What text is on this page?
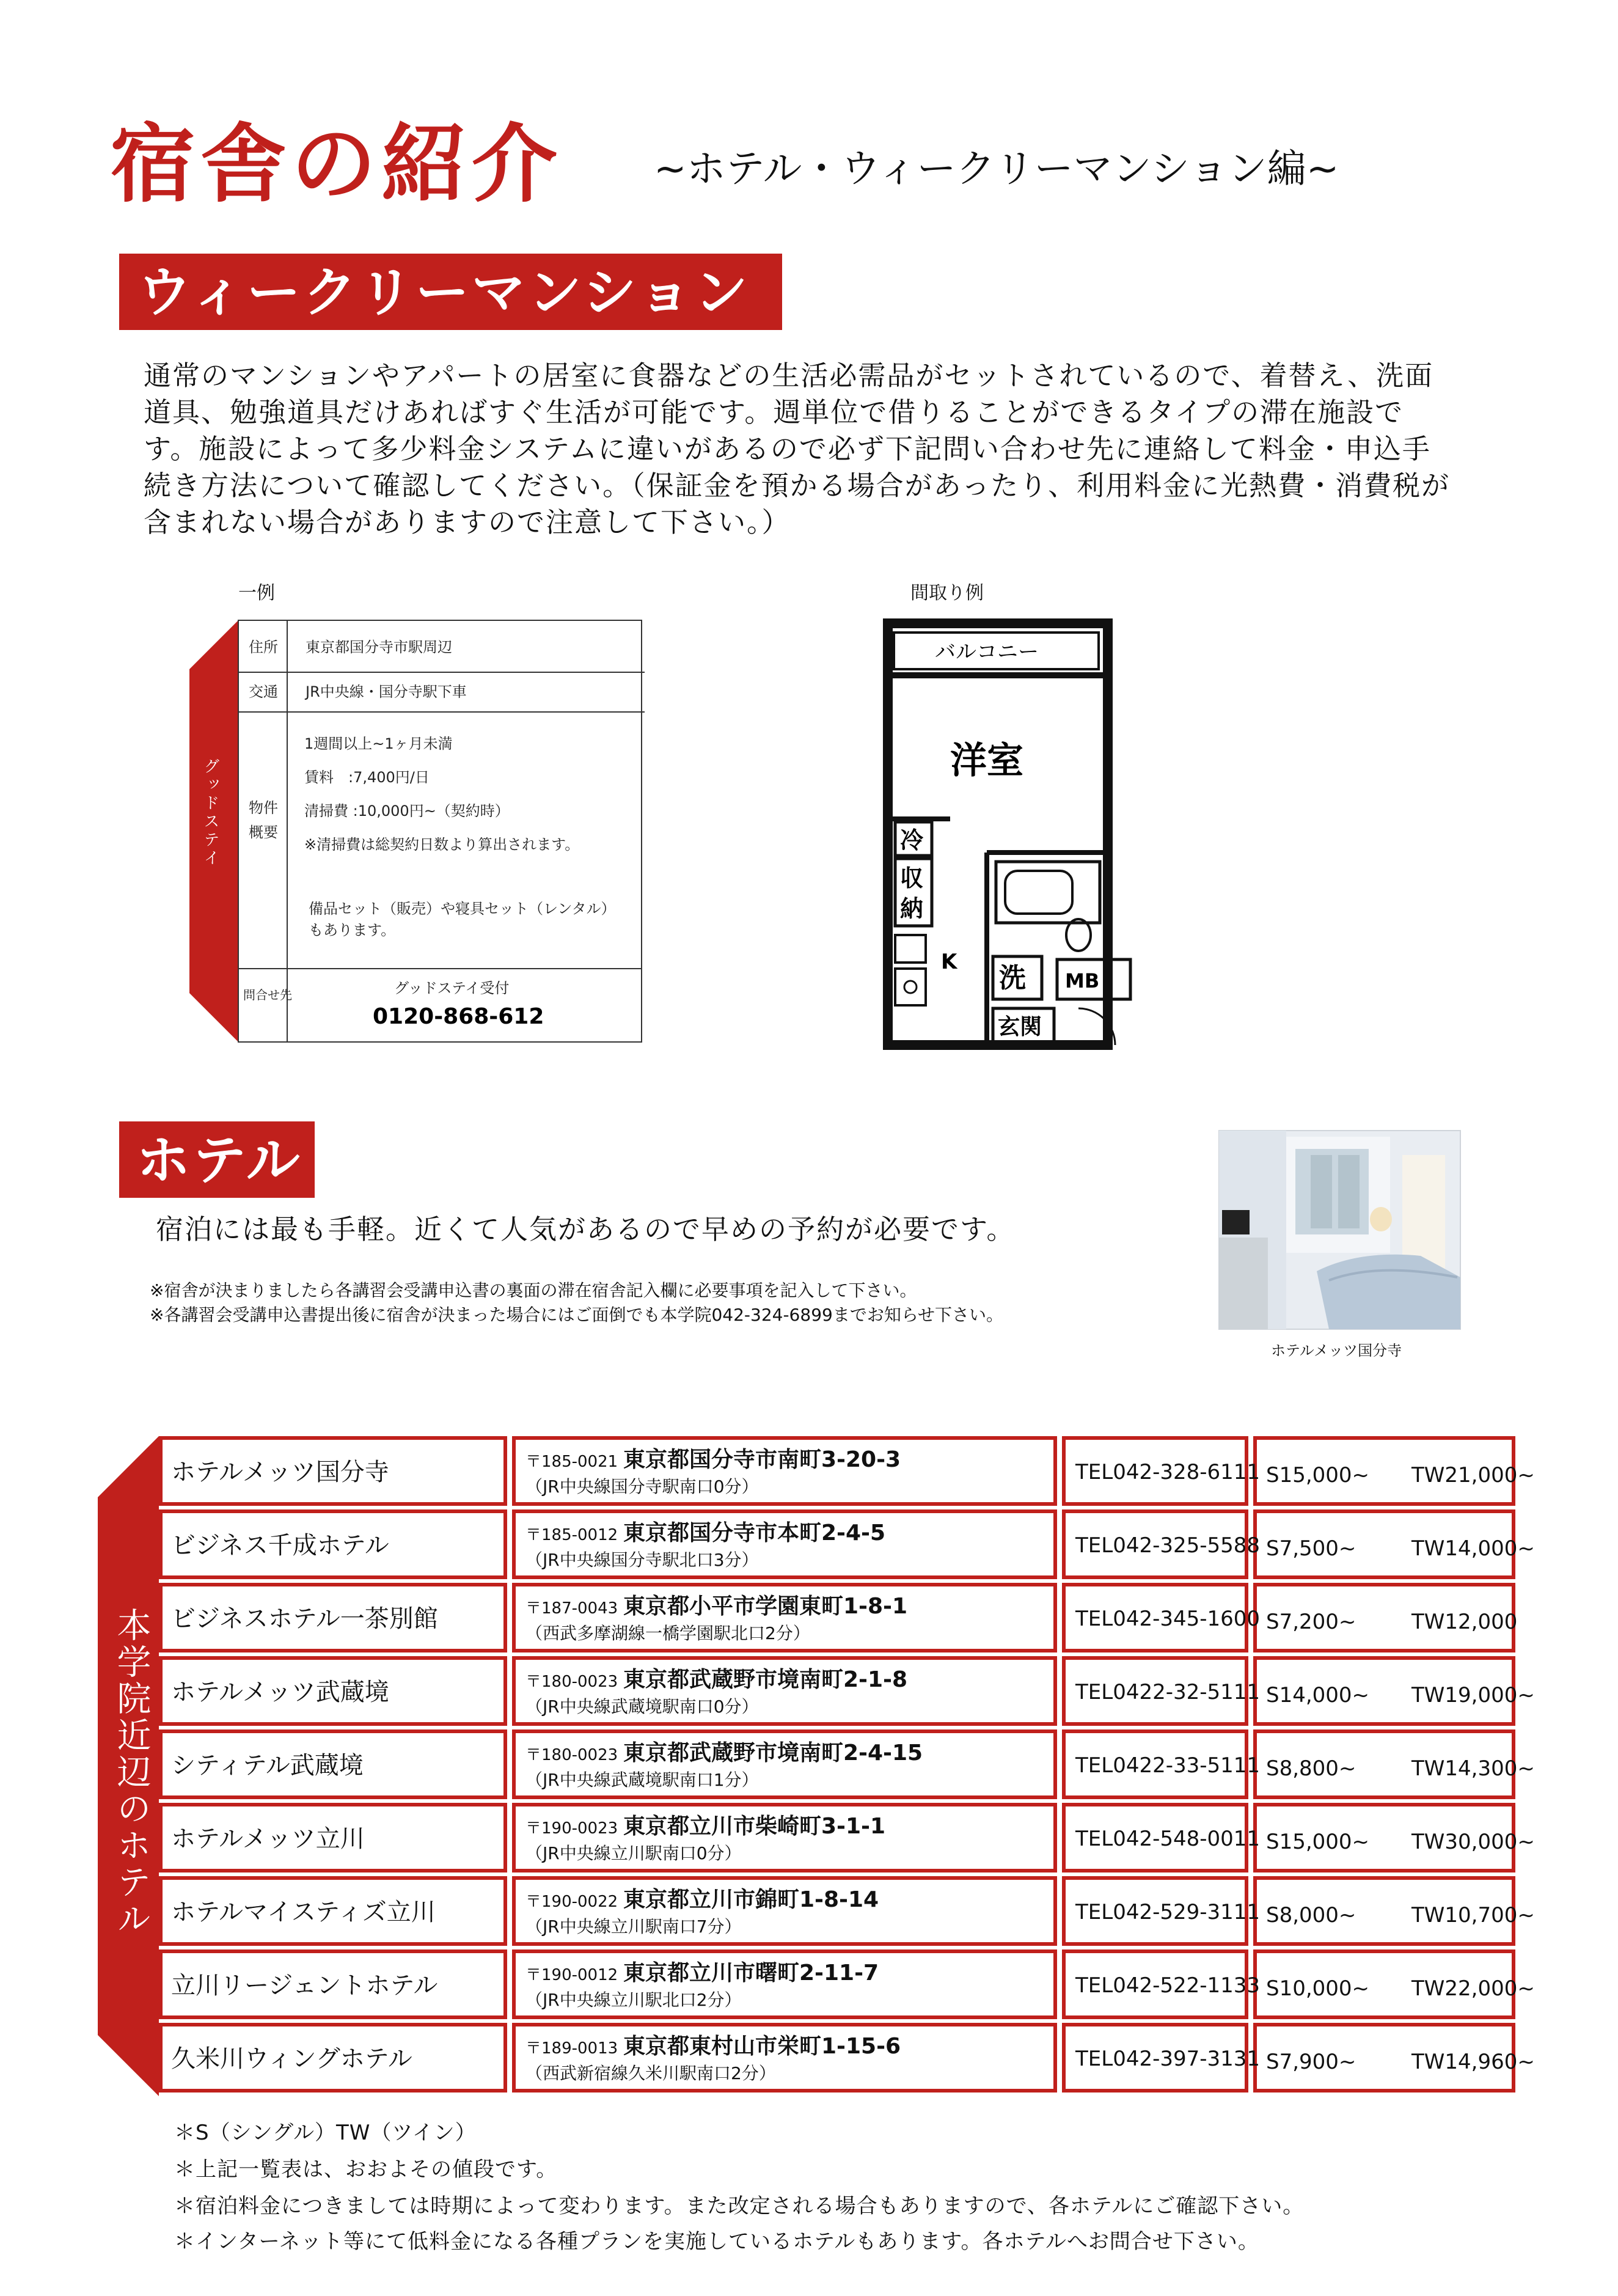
宿舎の紹介 ~ホテル・ウィークリーマンション編~
ウィークリーマンション
通常のマンションやアパートの居室に食器などの生活必需品がセットされているので、着替え、洗面道具、勉強道具だけあればすぐ生活が可能です。週単位で借りることができるタイプの滞在施設です。施設によって多少料金システムに違いがあるので必ず下記問い合わせ先に連絡して料金・申込手続き方法について確認してください。（保証金を預かる場合があったり、利用料金に光熱費・消費税が含まれない場合がありますので注意して下さい。）
一例	間取り例
グッドステイ
住所 東京都国分寺市駅周辺
交通 JR中央線・国分寺駅下車
物件
概要
1週間以上~1ヶ月未満
賃料　:7,400円/日
清掃費 :10,000円~（契約時）
※清掃費は総契約日数より算出されます。
備品セット（販売）や寝具セット（レンタル）
もあります。
問合せ先	グッドステイ受付
0120-868-612
バルコニー
洋室
冷
収
納
K
洗 MB
玄関
ホテル
宿泊には最も手軽。近くて人気があるので早めの予約が必要です。
※宿舎が決まりましたら各講習会受講申込書の裏面の滞在宿舎記入欄に必要事項を記入して下さい。
※各講習会受講申込書提出後に宿舎が決まった場合にはご面倒でも本学院042-324-6899までお知らせ下さい。
ホテルメッツ国分寺
本学院近辺のホテル
ホテルメッツ国分寺	〒185-0021 東京都国分寺市南町3-20-3
（JR中央線国分寺駅南口0分）
TEL042-328-6111 S15,000~ TW21,000~
ビジネス千成ホテル	〒185-0012 東京都国分寺市本町2-4-5
（JR中央線国分寺駅北口3分）
TEL042-325-5588 S7,500~	TW14,000~
ビジネスホテル一茶別館	〒187-0043 東京都小平市学園東町1-8-1
（西武多摩湖線一橋学園駅北口2分）
TEL042-345-1600 S7,200~	TW12,000
ホテルメッツ武蔵境	〒180-0023 東京都武蔵野市境南町2-1-8
（JR中央線武蔵境駅南口0分）
TEL0422-32-5111 S14,000~ TW19,000~
シティテル武蔵境	〒180-0023 東京都武蔵野市境南町2-4-15
（JR中央線武蔵境駅南口1分）
TEL0422-33-5111 S8,800~	TW14,300~
ホテルメッツ立川	〒190-0023 東京都立川市柴崎町3-1-1
（JR中央線立川駅南口0分）
TEL042-548-0011 S15,000~ TW30,000~
ホテルマイスティズ立川	〒190-0022 東京都立川市錦町1-8-14
（JR中央線立川駅南口7分）
TEL042-529-3111 S8,000~	TW10,700~
立川リージェントホテル	〒190-0012 東京都立川市曙町2-11-7
（JR中央線立川駅北口2分）
TEL042-522-1133 S10,000~ TW22,000~
久米川ウィングホテル	〒189-0013 東京都東村山市栄町1-15-6
（西武新宿線久米川駅南口2分）
TEL042-397-3131 S7,900~	TW14,960~
＊S（シングル）TW（ツイン）
＊上記一覧表は、おおよその値段です。
＊宿泊料金につきましては時期によって変わります。また改定される場合もありますので、各ホテルにご確認下さい。
＊インターネット等にて低料金になる各種プランを実施しているホテルもあります。各ホテルへお問合せ下さい。
